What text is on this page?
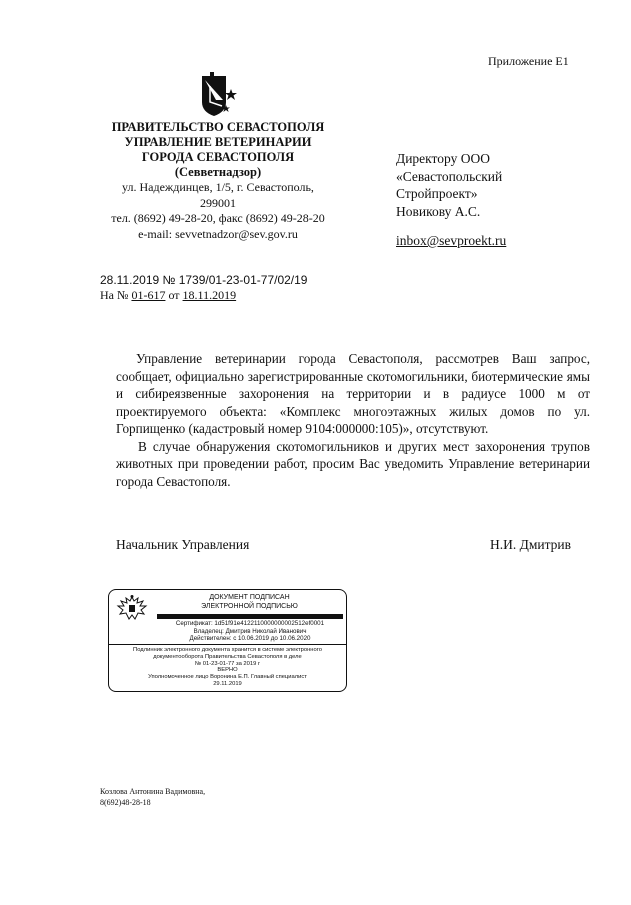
Приложение Е1
ПРАВИТЕЛЬСТВО СЕВАСТОПОЛЯ
УПРАВЛЕНИЕ ВЕТЕРИНАРИИ
ГОРОДА СЕВАСТОПОЛЯ
(Севветнадзор)
ул. Надеждинцев, 1/5, г. Севастополь,
299001
тел. (8692) 49-28-20, факс (8692) 49-28-20
e-mail: sevvetnadzor@sev.gov.ru
Директору ООО
«Севастопольский
Стройпроект»
Новикову А.С.
inbox@sevproekt.ru
28.11.2019 № 1739/01-23-01-77/02/19
На № 01-617 от 18.11.2019

Управление ветеринарии города Севастополя, рассмотрев Ваш запрос, сообщает, официально зарегистрированные скотомогильники, биотермические ямы и сибиреязвенные захоронения на территории и в радиусе 1000 м от проектируемого объекта: «Комплекс многоэтажных жилых домов по ул. Горпищенко (кадастровый номер 9104:000000:105)», отсутствуют.

В случае обнаружения скотомогильников и других мест захоронения трупов животных при проведении работ, просим Вас уведомить Управление ветеринарии города Севастополя.

Начальник Управления	Н.И. Дмитрив
ДОКУМЕНТ ПОДПИСАН
ЭЛЕКТРОННОЙ ПОДПИСЬЮ
Сертификат: 1d51f91e4122110000000002512ef0001
Владелец: Дмитрив Николай Иванович
Действителен: с 10.06.2019 до 10.06.2020
Подлинник электронного документа хранится в системе электронного
документооборота Правительства Севастополя в деле
№ 01-23-01-77 за 2019 г
ВЕРНО
Уполномоченное лицо Воронина Е.П. Главный специалист
29.11.2019
Козлова Антонина Вадимовна,
8(692)48-28-18
